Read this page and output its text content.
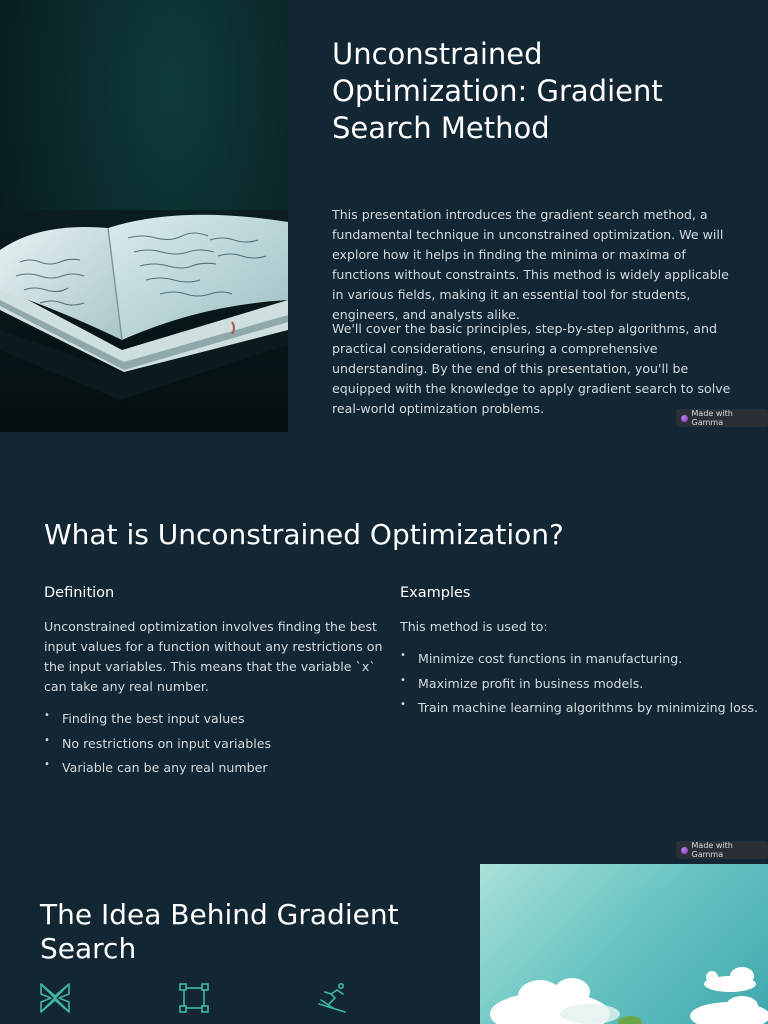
Unconstrained Optimization: Gradient Search Method

This presentation introduces the gradient search method, a fundamental technique in unconstrained optimization. We will explore how it helps in finding the minima or maxima of functions without constraints. This method is widely applicable in various fields, making it an essential tool for students, engineers, and analysts alike.

We'll cover the basic principles, step-by-step algorithms, and practical considerations, ensuring a comprehensive understanding. By the end of this presentation, you'll be equipped with the knowledge to apply gradient search to solve real-world optimization problems.	Made with Gamma
What is Unconstrained Optimization?
Definition

Unconstrained optimization involves finding the best input values for a function without any restrictions on the input variables. This means that the variable `x` can take any real number.

• Finding the best input values
• No restrictions on input variables
• Variable can be any real number
Examples

This method is used to:

• Minimize cost functions in manufacturing.
• Maximize profit in business models.
• Train machine learning algorithms by minimizing loss.
Made with Gamma
The Idea Behind Gradient Search
